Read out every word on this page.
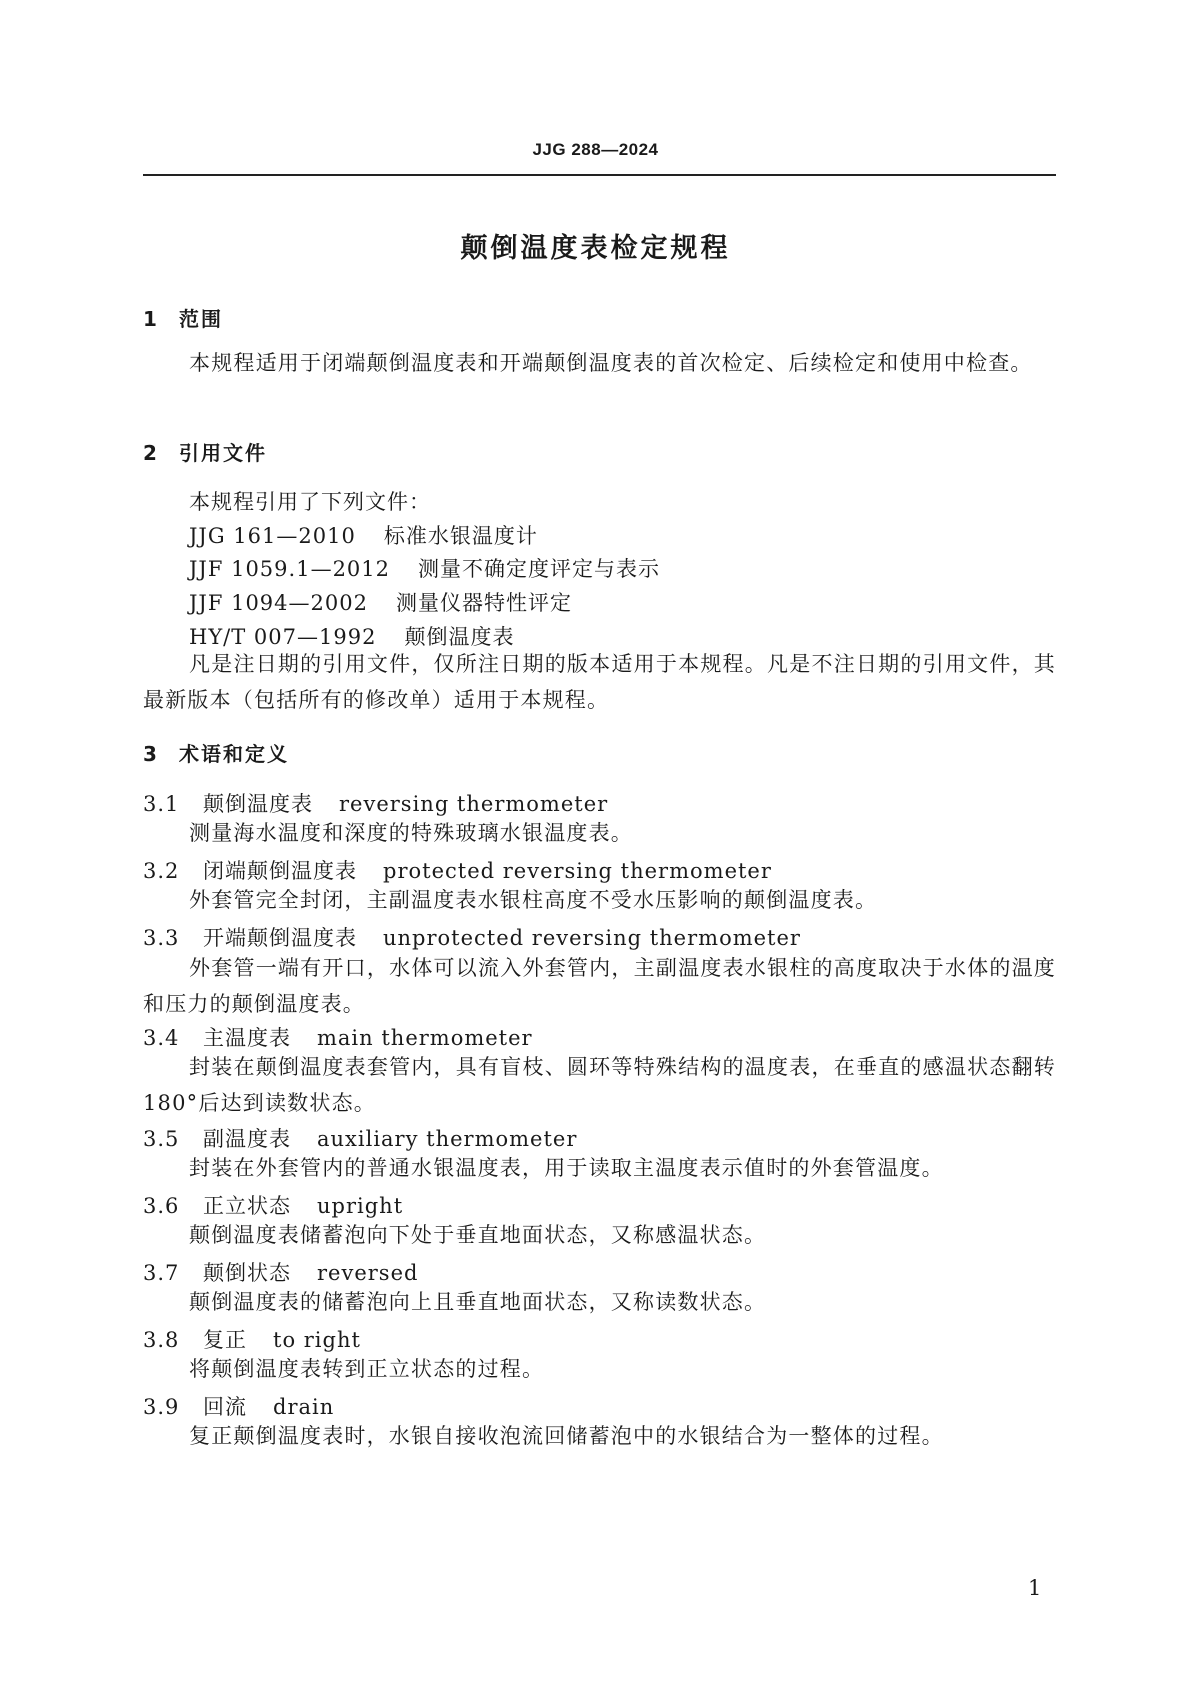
JJG 288—2024
颠倒温度表检定规程
1 范围

本规程适用于闭端颠倒温度表和开端颠倒温度表的首次检定、后续检定和使用中检查。

2 引用文件
本规程引用了下列文件：
JJG 161—2010 标准水银温度计
JJF 1059.1—2012 测量不确定度评定与表示
JJF 1094—2002 测量仪器特性评定
HY/T 007—1992 颠倒温度表

凡是注日期的引用文件，仅所注日期的版本适用于本规程。凡是不注日期的引用文件，其最新版本（包括所有的修改单）适用于本规程。

3 术语和定义
3.1 颠倒温度表 reversing thermometer

测量海水温度和深度的特殊玻璃水银温度表。

3.2 闭端颠倒温度表 protected reversing thermometer

外套管完全封闭，主副温度表水银柱高度不受水压影响的颠倒温度表。

3.3 开端颠倒温度表 unprotected reversing thermometer

外套管一端有开口，水体可以流入外套管内，主副温度表水银柱的高度取决于水体的温度和压力的颠倒温度表。

3.4 主温度表 main thermometer

封装在颠倒温度表套管内，具有盲枝、圆环等特殊结构的温度表，在垂直的感温状态翻转 180°后达到读数状态。

3.5 副温度表 auxiliary thermometer

封装在外套管内的普通水银温度表，用于读取主温度表示值时的外套管温度。

3.6 正立状态 upright

颠倒温度表储蓄泡向下处于垂直地面状态，又称感温状态。

3.7 颠倒状态 reversed

颠倒温度表的储蓄泡向上且垂直地面状态，又称读数状态。

3.8 复正 to right

将颠倒温度表转到正立状态的过程。

3.9 回流 drain

复正颠倒温度表时，水银自接收泡流回储蓄泡中的水银结合为一整体的过程。

1
